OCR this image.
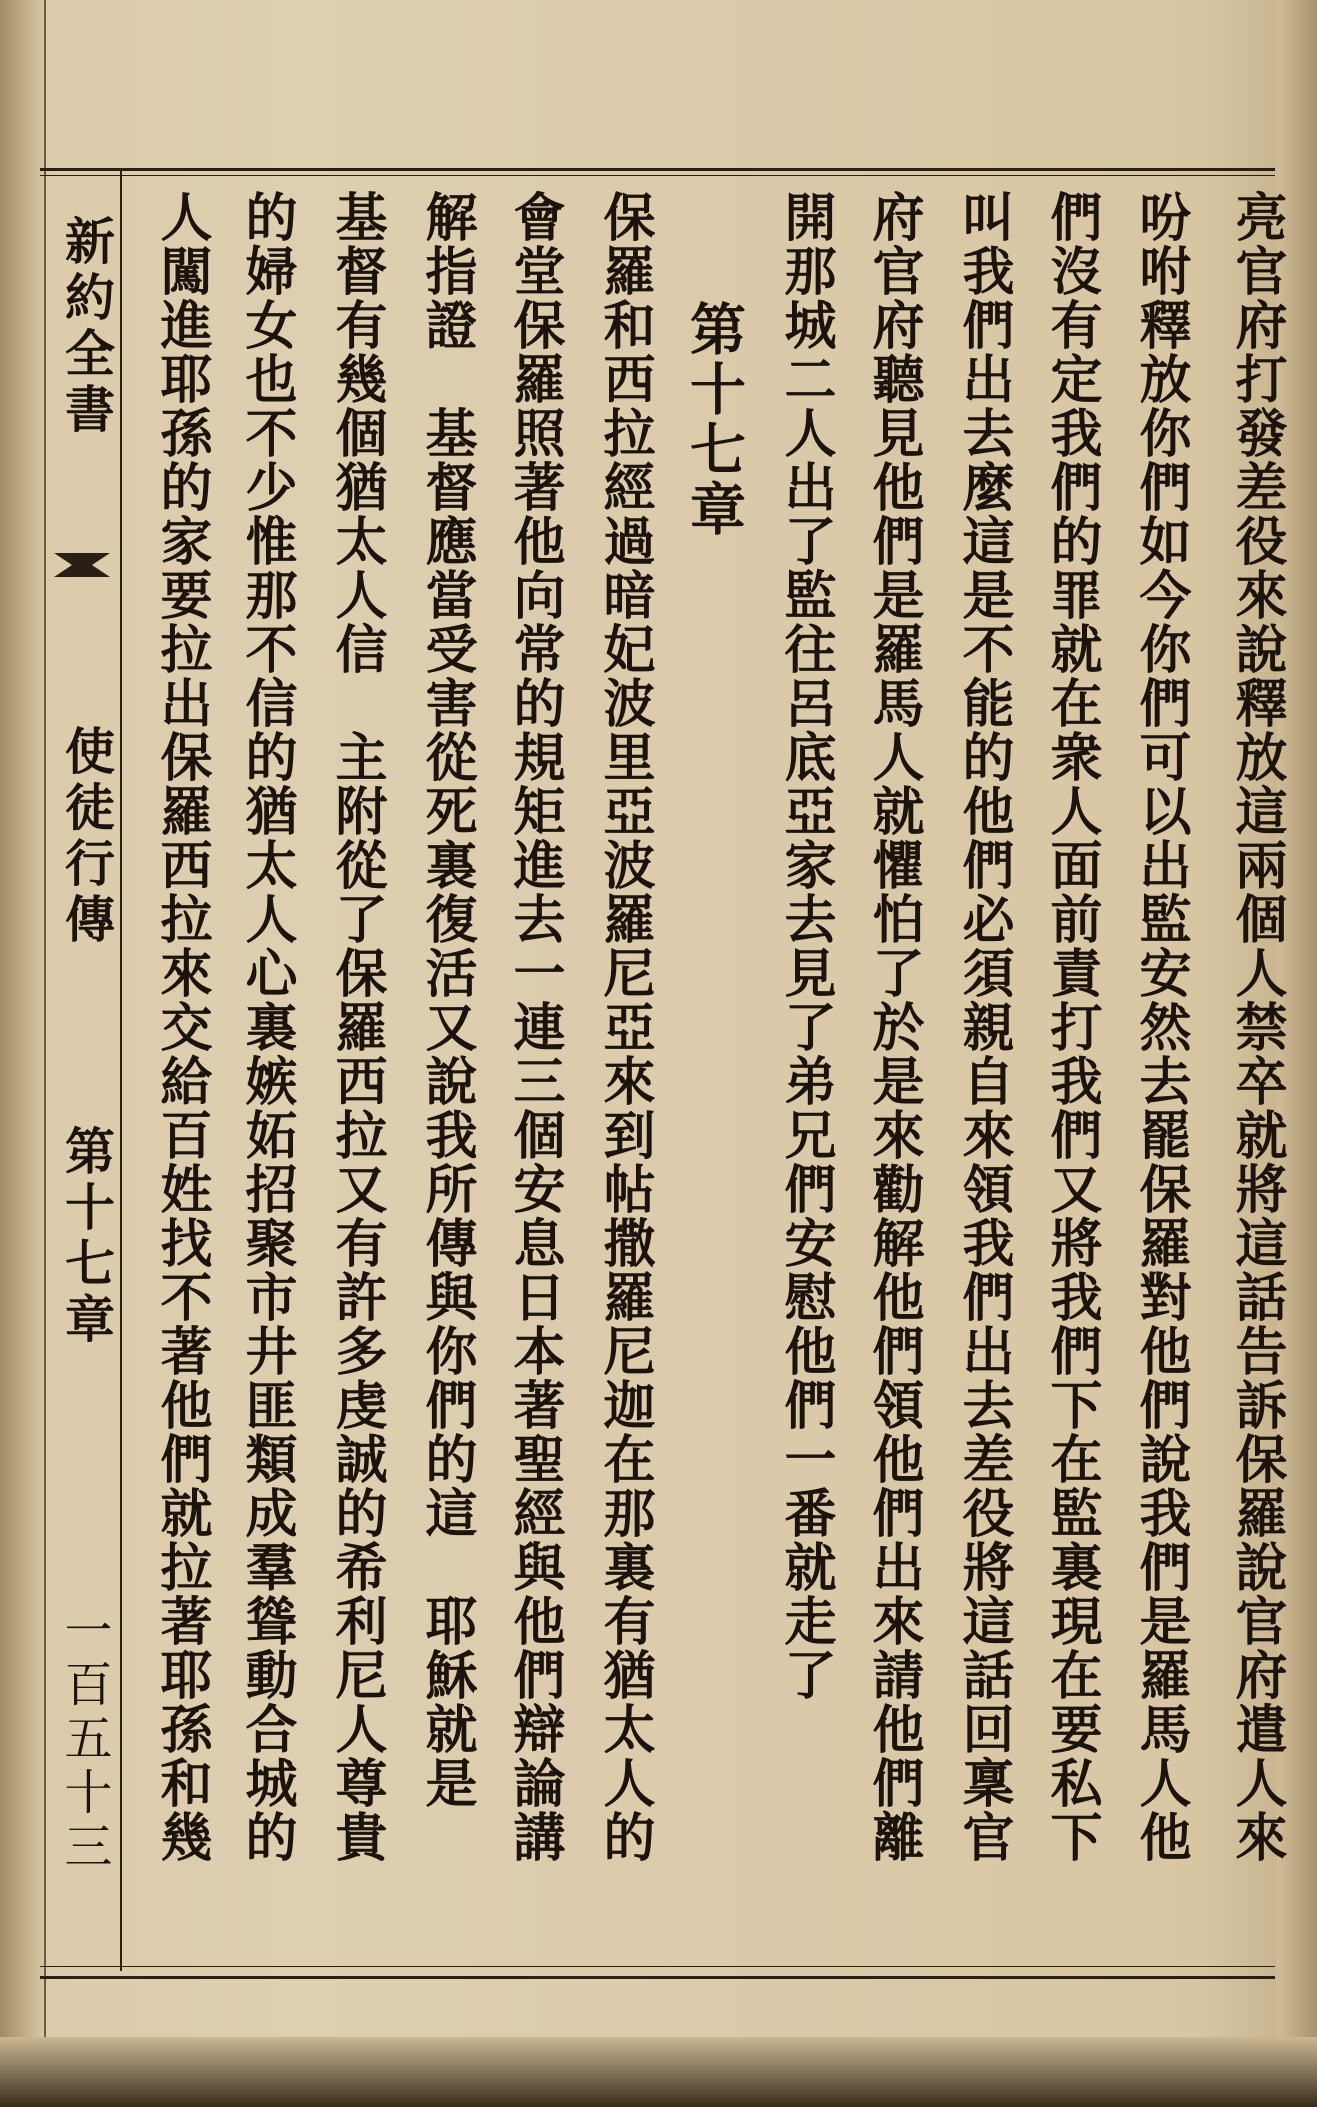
亮官府打發差役來說釋放這兩個人禁卒就將這話告訴保羅說官府遣人來
吩咐釋放你們如今你們可以出監安然去罷保羅對他們說我們是羅馬人他
們沒有定我們的罪就在衆人面前責打我們又將我們下在監裏現在要私下
叫我們出去麼這是不能的他們必須親自來領我們出去差役將這話回稟官
府官府聽見他們是羅馬人就懼怕了於是來勸解他們領他們出來請他們離
開那城二人出了監往呂底亞家去見了弟兄們安慰他們一番就走了
第十七章
保羅和西拉經過暗妃波里亞波羅尼亞來到帖撒羅尼迦在那裏有猶太人的
會堂保羅照著他向常的規矩進去一連三個安息日本著聖經與他們辯論講
解指證　基督應當受害從死裏復活又說我所傳與你們的這　耶穌就是
基督有幾個猶太人信　主附從了保羅西拉又有許多虔誠的希利尼人尊貴
的婦女也不少惟那不信的猶太人心裏嫉妬招聚市井匪類成羣聳動合城的
人闖進耶孫的家要拉出保羅西拉來交給百姓找不著他們就拉著耶孫和幾
新約全書
使徒行傳
第十七章
一百五十三
